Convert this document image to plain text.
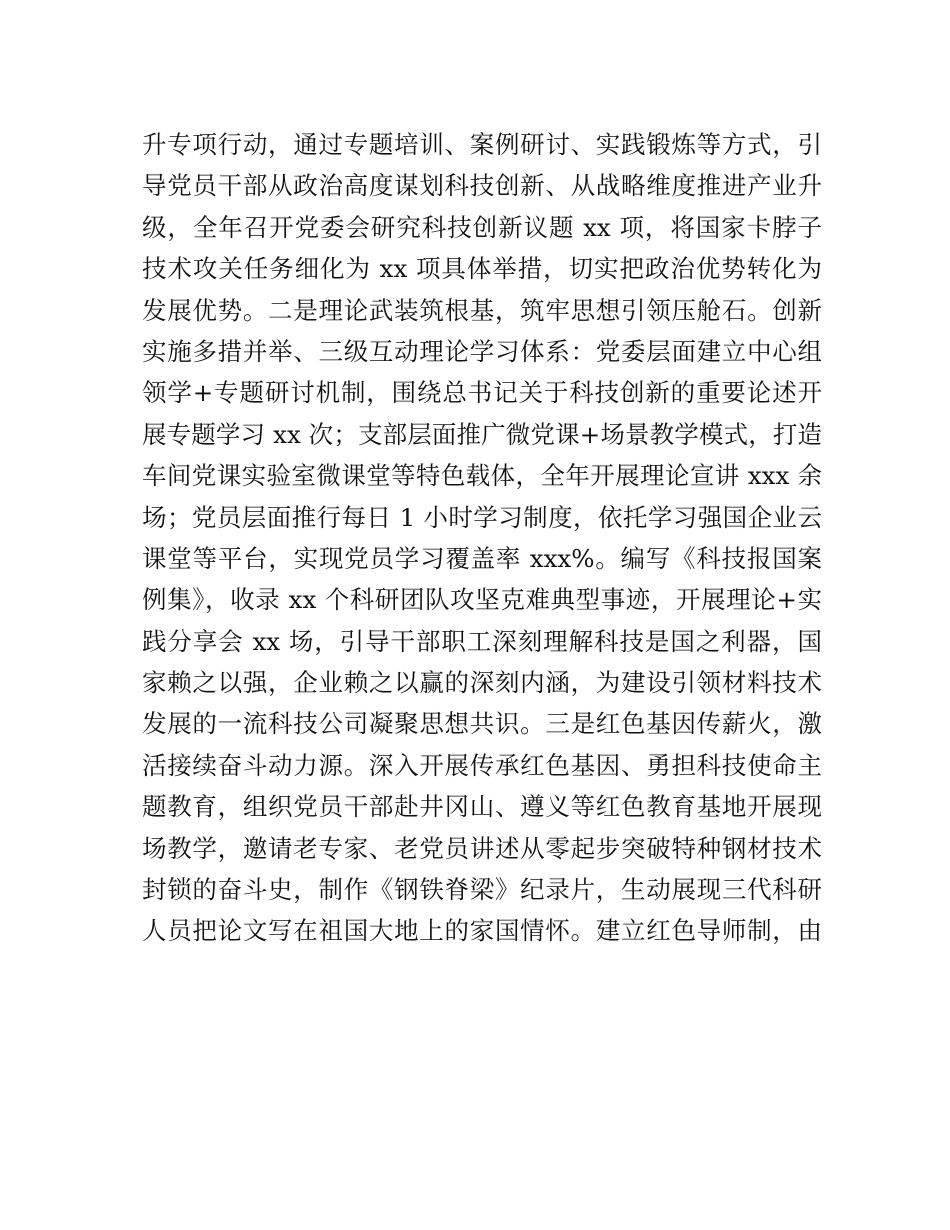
升专项行动，通过专题培训、案例研讨、实践锻炼等方式，引
导党员干部从政治高度谋划科技创新、从战略维度推进产业升
级，全年召开党委会研究科技创新议题 xx 项，将国家卡脖子
技术攻关任务细化为 xx 项具体举措，切实把政治优势转化为
发展优势。二是理论武装筑根基，筑牢思想引领压舱石。创新
实施多措并举、三级互动理论学习体系：党委层面建立中心组
领学+专题研讨机制，围绕总书记关于科技创新的重要论述开
展专题学习 xx 次；支部层面推广微党课+场景教学模式，打造
车间党课实验室微课堂等特色载体，全年开展理论宣讲 xxx 余
场；党员层面推行每日 1 小时学习制度，依托学习强国企业云
课堂等平台，实现党员学习覆盖率 xxx%。编写《科技报国案
例集》，收录 xx 个科研团队攻坚克难典型事迹，开展理论+实
践分享会 xx 场，引导干部职工深刻理解科技是国之利器，国
家赖之以强，企业赖之以赢的深刻内涵，为建设引领材料技术
发展的一流科技公司凝聚思想共识。三是红色基因传薪火，激
活接续奋斗动力源。深入开展传承红色基因、勇担科技使命主
题教育，组织党员干部赴井冈山、遵义等红色教育基地开展现
场教学，邀请老专家、老党员讲述从零起步突破特种钢材技术
封锁的奋斗史，制作《钢铁脊梁》纪录片，生动展现三代科研
人员把论文写在祖国大地上的家国情怀。建立红色导师制，由
